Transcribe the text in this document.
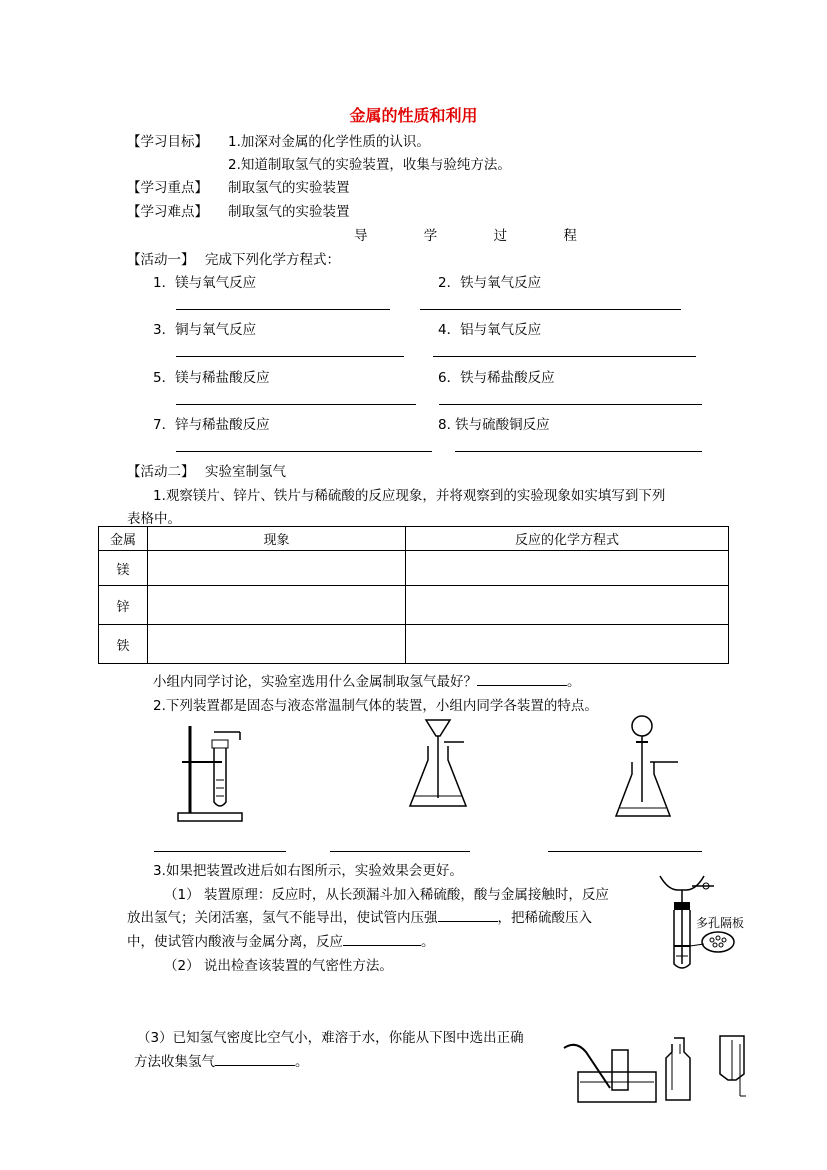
金属的性质和利用
【学习目标】 1.加深对金属的化学性质的认识。
2.知道制取氢气的实验装置，收集与验纯方法。
【学习重点】 制取氢气的实验装置
【学习难点】 制取氢气的实验装置
导 学 过 程
【活动一】 完成下列化学方程式：
1．镁与氧气反应	2．铁与氧气反应
3．铜与氧气反应	4．铝与氧气反应
5．镁与稀盐酸反应	6．铁与稀盐酸反应
7．锌与稀盐酸反应	8. 铁与硫酸铜反应
【活动二】 实验室制氢气
1.观察镁片、锌片、铁片与稀硫酸的反应现象，并将观察到的实验现象如实填写到下列
表格中。
金属	现象	反应的化学方程式
镁		
锌		
铁		
小组内同学讨论，实验室选用什么金属制取氢气最好？	。
2.下列装置都是固态与液态常温制气体的装置，小组内同学各装置的特点。
3.如果把装置改进后如右图所示，实验效果会更好。
（1） 装置原理：反应时，从长颈漏斗加入稀硫酸，酸与金属接触时，反应
放出氢气；关闭活塞，氢气不能导出，使试管内压强	，把稀硫酸压入
中，使试管内酸液与金属分离，反应	。
（2） 说出检查该装置的气密性方法。
多孔隔板
（3）已知氢气密度比空气小，难溶于水，你能从下图中选出正确
方法收集氢气	。
